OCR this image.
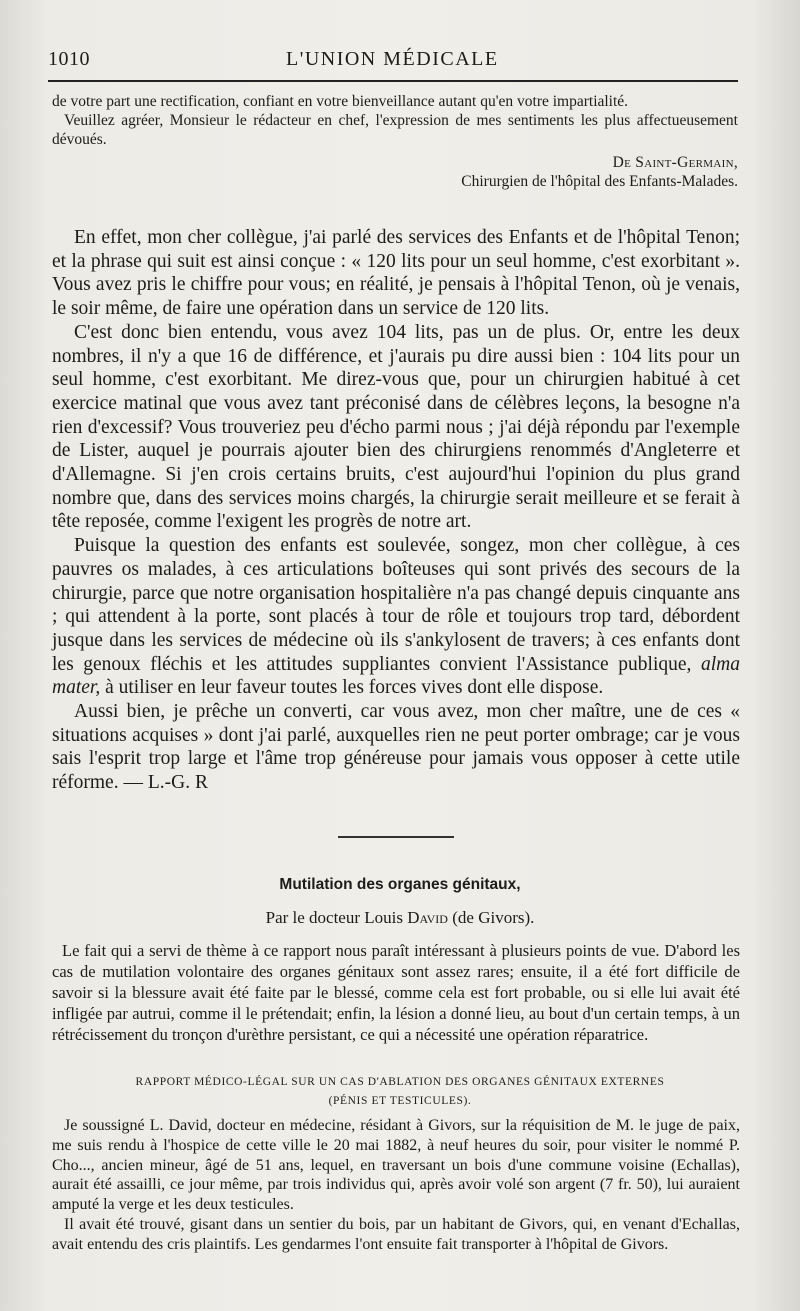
1010	L'UNION MÉDICALE

de votre part une rectification, confiant en votre bienveillance autant qu'en votre impartialité.

Veuillez agréer, Monsieur le rédacteur en chef, l'expression de mes sentiments les plus affectueusement dévoués.

De Saint-Germain,
Chirurgien de l'hôpital des Enfants-Malades.

En effet, mon cher collègue, j'ai parlé des services des Enfants et de l'hôpital Tenon; et la phrase qui suit est ainsi conçue : « 120 lits pour un seul homme, c'est exorbitant ». Vous avez pris le chiffre pour vous; en réalité, je pensais à l'hôpital Tenon, où je venais, le soir même, de faire une opération dans un service de 120 lits.

C'est donc bien entendu, vous avez 104 lits, pas un de plus. Or, entre les deux nombres, il n'y a que 16 de différence, et j'aurais pu dire aussi bien : 104 lits pour un seul homme, c'est exorbitant. Me direz-vous que, pour un chirurgien habitué à cet exercice matinal que vous avez tant préconisé dans de célèbres leçons, la besogne n'a rien d'excessif? Vous trouveriez peu d'écho parmi nous ; j'ai déjà répondu par l'exemple de Lister, auquel je pourrais ajouter bien des chirurgiens renommés d'Angleterre et d'Allemagne. Si j'en crois certains bruits, c'est aujourd'hui l'opinion du plus grand nombre que, dans des services moins chargés, la chirurgie serait meilleure et se ferait à tête reposée, comme l'exigent les progrès de notre art.

Puisque la question des enfants est soulevée, songez, mon cher collègue, à ces pauvres os malades, à ces articulations boîteuses qui sont privés des secours de la chirurgie, parce que notre organisation hospitalière n'a pas changé depuis cinquante ans ; qui attendent à la porte, sont placés à tour de rôle et toujours trop tard, débordent jusque dans les services de médecine où ils s'ankylosent de travers; à ces enfants dont les genoux fléchis et les attitudes suppliantes convient l'Assistance publique, alma mater, à utiliser en leur faveur toutes les forces vives dont elle dispose.

Aussi bien, je prêche un converti, car vous avez, mon cher maître, une de ces « situations acquises » dont j'ai parlé, auxquelles rien ne peut porter ombrage; car je vous sais l'esprit trop large et l'âme trop généreuse pour jamais vous opposer à cette utile réforme. — L.-G. R

Mutilation des organes génitaux,
Par le docteur Louis David (de Givors).

Le fait qui a servi de thème à ce rapport nous paraît intéressant à plusieurs points de vue. D'abord les cas de mutilation volontaire des organes génitaux sont assez rares; ensuite, il a été fort difficile de savoir si la blessure avait été faite par le blessé, comme cela est fort probable, ou si elle lui avait été infligée par autrui, comme il le prétendait; enfin, la lésion a donné lieu, au bout d'un certain temps, à un rétrécissement du tronçon d'urèthre persistant, ce qui a nécessité une opération réparatrice.

RAPPORT MÉDICO-LÉGAL SUR UN CAS D'ABLATION DES ORGANES GÉNITAUX EXTERNES
(PÉNIS ET TESTICULES).

Je soussigné L. David, docteur en médecine, résidant à Givors, sur la réquisition de M. le juge de paix, me suis rendu à l'hospice de cette ville le 20 mai 1882, à neuf heures du soir, pour visiter le nommé P. Cho..., ancien mineur, âgé de 51 ans, lequel, en traversant un bois d'une commune voisine (Echallas), aurait été assailli, ce jour même, par trois individus qui, après avoir volé son argent (7 fr. 50), lui auraient amputé la verge et les deux testicules.

Il avait été trouvé, gisant dans un sentier du bois, par un habitant de Givors, qui, en venant d'Echallas, avait entendu des cris plaintifs. Les gendarmes l'ont ensuite fait transporter à l'hôpital de Givors.
